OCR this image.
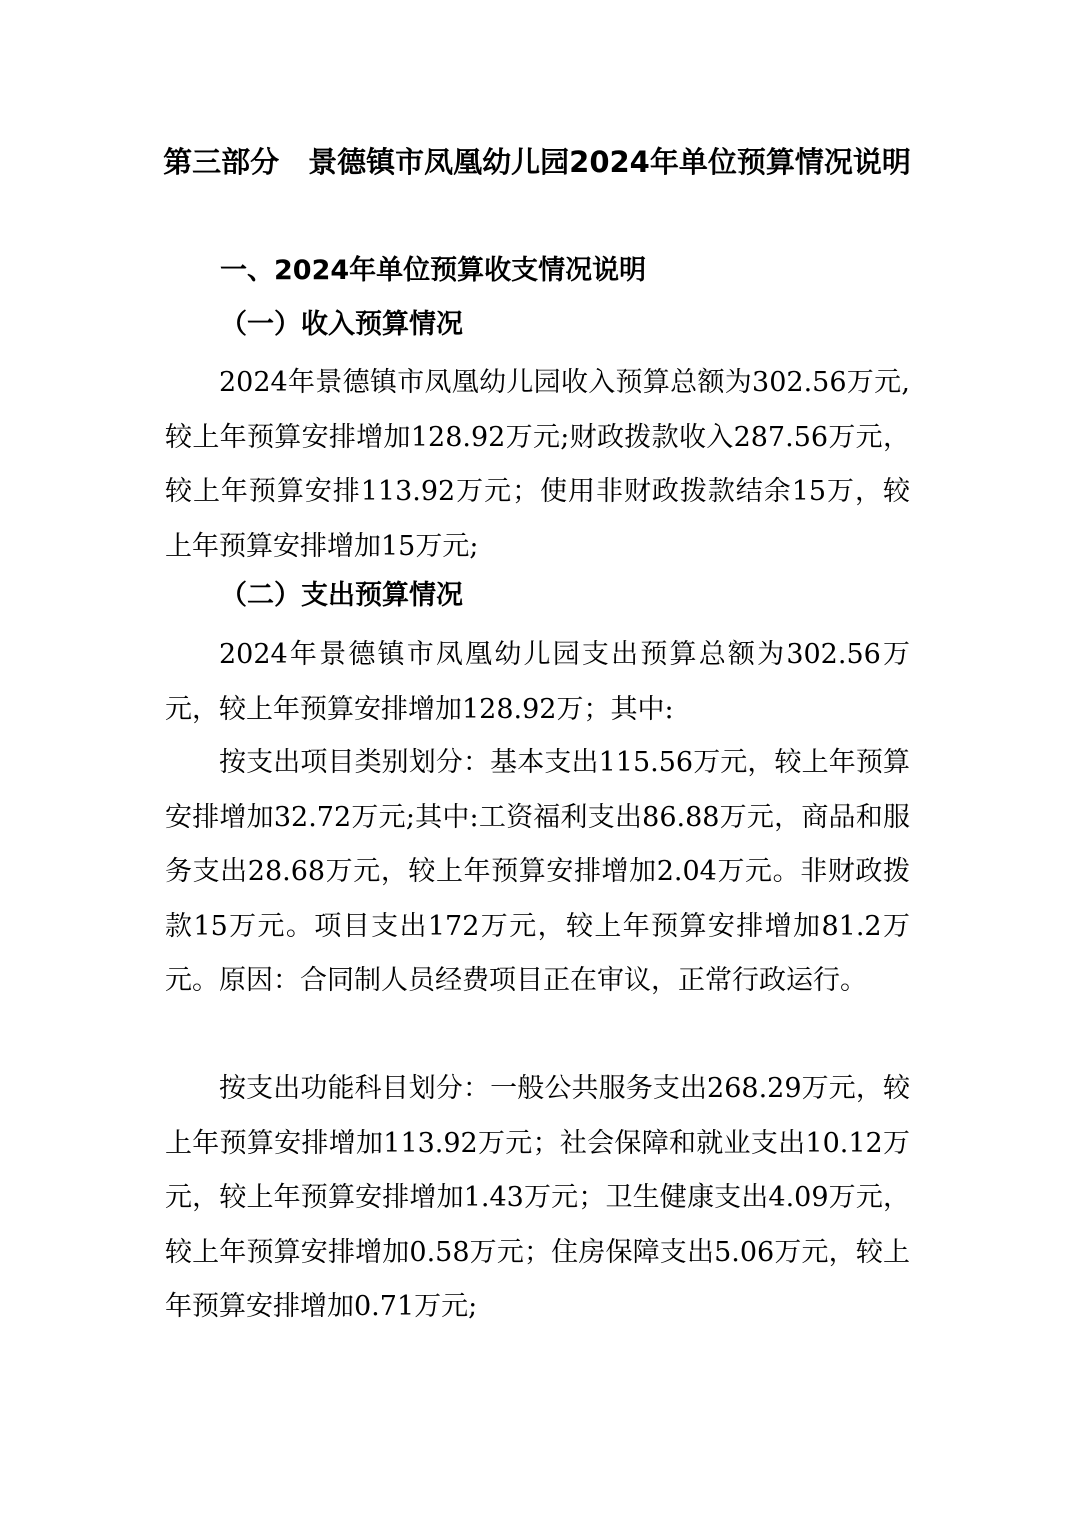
第三部分　景德镇市凤凰幼儿园2024年单位预算情况说明
一、2024年单位预算收支情况说明
（一）收入预算情况

2024年景德镇市凤凰幼儿园收入预算总额为302.56万元,较上年预算安排增加128.92万元;财政拨款收入287.56万元，较上年预算安排113.92万元；使用非财政拨款结余15万，较上年预算安排增加15万元;

（二）支出预算情况

2024年景德镇市凤凰幼儿园支出预算总额为302.56万元，较上年预算安排增加128.92万；其中:

按支出项目类别划分：基本支出115.56万元，较上年预算安排增加32.72万元;其中:工资福利支出86.88万元，商品和服务支出28.68万元，较上年预算安排增加2.04万元。非财政拨款15万元。项目支出172万元，较上年预算安排增加81.2万元。原因：合同制人员经费项目正在审议，正常行政运行。

按支出功能科目划分：一般公共服务支出268.29万元，较上年预算安排增加113.92万元；社会保障和就业支出10.12万元，较上年预算安排增加1.43万元；卫生健康支出4.09万元，较上年预算安排增加0.58万元；住房保障支出5.06万元，较上年预算安排增加0.71万元;
